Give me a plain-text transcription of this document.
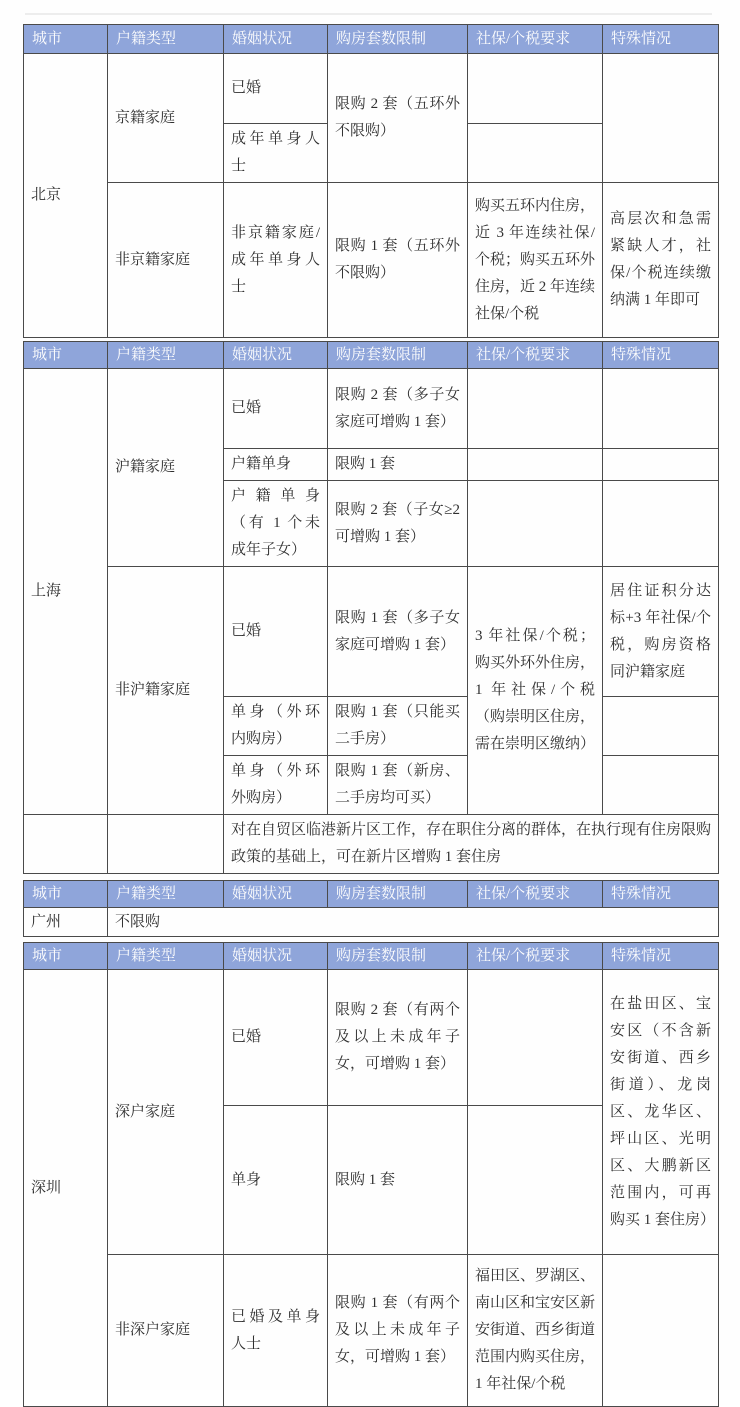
城市	户籍类型	婚姻状况	购房套数限制	社保/个税要求	特殊情况
北京	京籍家庭	已婚	限购 2 套（五环外不限购）		
		成年单身人士			
	非京籍家庭	非京籍家庭/成年单身人士	限购 1 套（五环外不限购）	购买五环内住房，近 3 年连续社保/个税；购买五环外住房，近 2 年连续社保/个税	高层次和急需紧缺人才，社保/个税连续缴纳满 1 年即可
城市	户籍类型	婚姻状况	购房套数限制	社保/个税要求	特殊情况
上海	沪籍家庭	已婚	限购 2 套（多子女家庭可增购 1 套）		
		户籍单身	限购 1 套		
		户籍单身（有 1 个未成年子女）	限购 2 套（子女≥2 可增购 1 套）		
	非沪籍家庭	已婚	限购 1 套（多子女家庭可增购 1 套）	3 年社保/个税；购买外环外住房，1 年社保/个税（购崇明区住房，需在崇明区缴纳）	居住证积分达标+3 年社保/个税，购房资格同沪籍家庭
		单身（外环内购房）	限购 1 套（只能买二手房）		
		单身（外环外购房）	限购 1 套（新房、二手房均可买）		
		对在自贸区临港新片区工作，存在职住分离的群体，在执行现有住房限购政策的基础上，可在新片区增购 1 套住房			
城市	户籍类型	婚姻状况	购房套数限制	社保/个税要求	特殊情况
广州	不限购				
城市	户籍类型	婚姻状况	购房套数限制	社保/个税要求	特殊情况
深圳	深户家庭	已婚	限购 2 套（有两个及以上未成年子女，可增购 1 套）		在盐田区、宝安区（不含新安街道、西乡街道）、龙岗区、龙华区、坪山区、光明区、大鹏新区范围内，可再购买 1 套住房）
		单身	限购 1 套		
	非深户家庭	已婚及单身人士	限购 1 套（有两个及以上未成年子女，可增购 1 套）	福田区、罗湖区、南山区和宝安区新安街道、西乡街道范围内购买住房，1 年社保/个税	
